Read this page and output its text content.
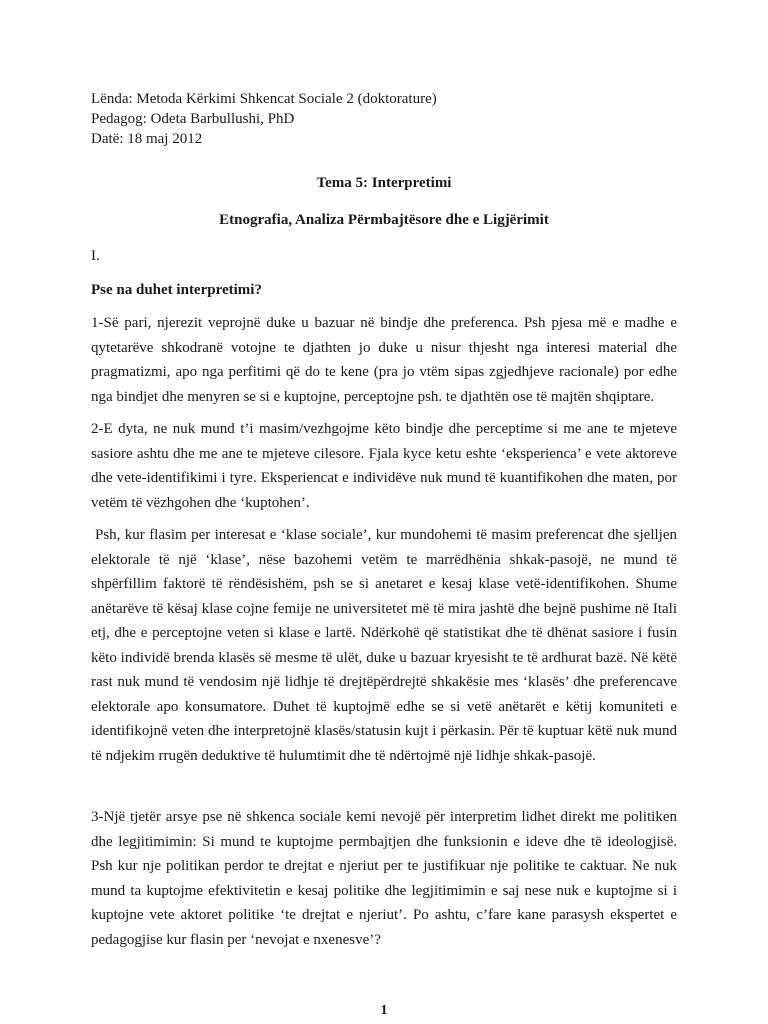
Lënda: Metoda Kërkimi Shkencat Sociale 2 (doktorature)

Pedagog: Odeta Barbullushi, PhD

Datë: 18 maj 2012

Tema 5: Interpretimi

Etnografia, Analiza Përmbajtësore dhe e Ligjërimit

I.

Pse na duhet interpretimi?

1-Së pari, njerezit veprojnë duke u bazuar në bindje dhe preferenca. Psh pjesa më e madhe e qytetarëve shkodranë votojne te djathten jo duke u nisur thjesht nga interesi material dhe pragmatizmi, apo nga perfitimi që do te kene (pra jo vtëm sipas zgjedhjeve racionale) por edhe nga bindjet dhe menyren se si e kuptojne, perceptojne psh. te djathtën ose të majtën shqiptare.

2-E dyta, ne nuk mund t’i masim/vezhgojme këto bindje dhe perceptime si me ane te mjeteve sasiore ashtu dhe me ane te mjeteve cilesore. Fjala kyce ketu eshte ‘eksperienca’ e vete aktoreve dhe vete-identifikimi i tyre. Eksperiencat e individëve nuk mund të kuantifikohen dhe maten, por vetëm të vëzhgohen dhe ‘kuptohen’.

Psh, kur flasim per interesat e ‘klase sociale’, kur mundohemi të masim preferencat dhe sjelljen elektorale të një ‘klase’, nëse bazohemi vetëm te marrëdhënia shkak-pasojë, ne mund të shpërfillim faktorë të rëndësishëm, psh se si anetaret e kesaj klase vetë-identifikohen. Shume anëtarëve të kësaj klase cojne femije ne universitetet më të mira jashtë dhe bejnë pushime në Itali etj, dhe e perceptojne veten si klase e lartë. Ndërkohë që statistikat dhe të dhënat sasiore i fusin këto individë brenda klasës së mesme të ulët, duke u bazuar kryesisht te të ardhurat bazë. Në këtë rast nuk mund të vendosim një lidhje të drejtëpërdrejtë shkakësie mes ‘klasës’ dhe preferencave elektorale apo konsumatore. Duhet të kuptojmë edhe se si vetë anëtarët e këtij komuniteti e identifikojnë veten dhe interpretojnë klasës/statusin kujt i përkasin. Për të kuptuar këtë nuk mund të ndjekim rrugën deduktive të hulumtimit dhe të ndërtojmë një lidhje shkak-pasojë.

3-Një tjetër arsye pse në shkenca sociale kemi nevojë për interpretim lidhet direkt me politiken dhe legjitimimin: Si mund te kuptojme permbajtjen dhe funksionin e ideve dhe të ideologjisë. Psh kur nje politikan perdor te drejtat e njeriut per te justifikuar nje politike te caktuar. Ne nuk mund ta kuptojme efektivitetin e kesaj politike dhe legjitimimin e saj nese nuk e kuptojme si i kuptojne vete aktoret politike ‘te drejtat e njeriut’. Po ashtu, c’fare kane parasysh ekspertet e pedagogjise kur flasin per ‘nevojat e nxenesve’?

1
